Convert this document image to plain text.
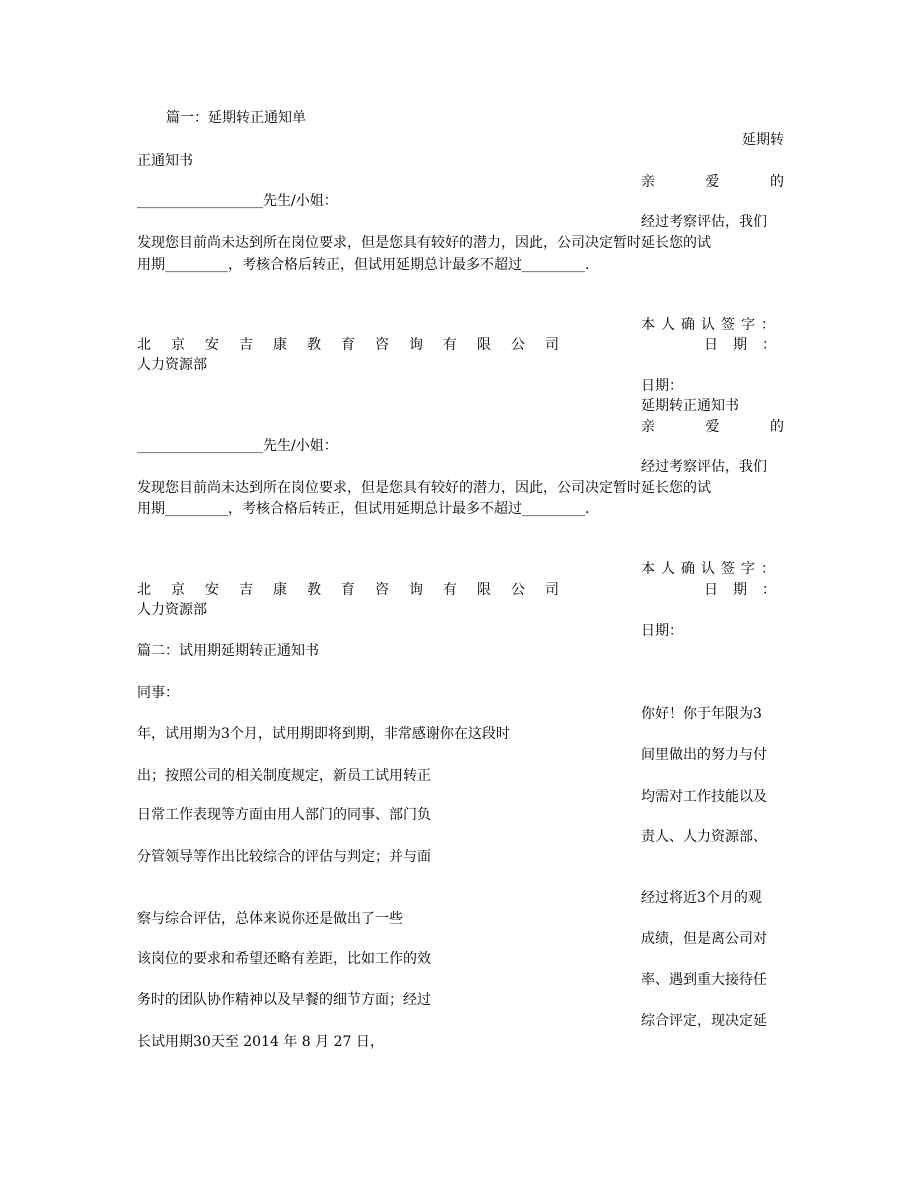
篇一：延期转正通知单
延期转
正通知书
亲	爱	的
__________________先生/小姐：
经过考察评估，我们
发现您目前尚未达到所在岗位要求，但是您具有较好的潜力，因此，公司决定暂时延长您的试
用期_________，考核合格后转正，但试用延期总计最多不超过_________.
本人确认签字：
北京安吉康教育咨询有限公司	日 期 ：
人力资源部
日期：
延期转正通知书
亲	爱	的
__________________先生/小姐：
经过考察评估，我们
发现您目前尚未达到所在岗位要求，但是您具有较好的潜力，因此，公司决定暂时延长您的试
用期_________，考核合格后转正，但试用延期总计最多不超过_________.
本人确认签字：
北京安吉康教育咨询有限公司	日 期 ：
人力资源部
日期：
篇二：试用期延期转正通知书
同事：
你好！你于年限为3
年，试用期为3个月，试用期即将到期，非常感谢你在这段时
间里做出的努力与付
出；按照公司的相关制度规定，新员工试用转正
均需对工作技能以及
日常工作表现等方面由用人部门的同事、部门负
责人、人力资源部、
分管领导等作出比较综合的评估与判定；并与面
经过将近3个月的观
察与综合评估，总体来说你还是做出了一些
成绩，但是离公司对
该岗位的要求和希望还略有差距，比如工作的效
率、遇到重大接待任
务时的团队协作精神以及早餐的细节方面；经过
综合评定，现决定延
长试用期30天至 2014 年 8 月 27 日，
